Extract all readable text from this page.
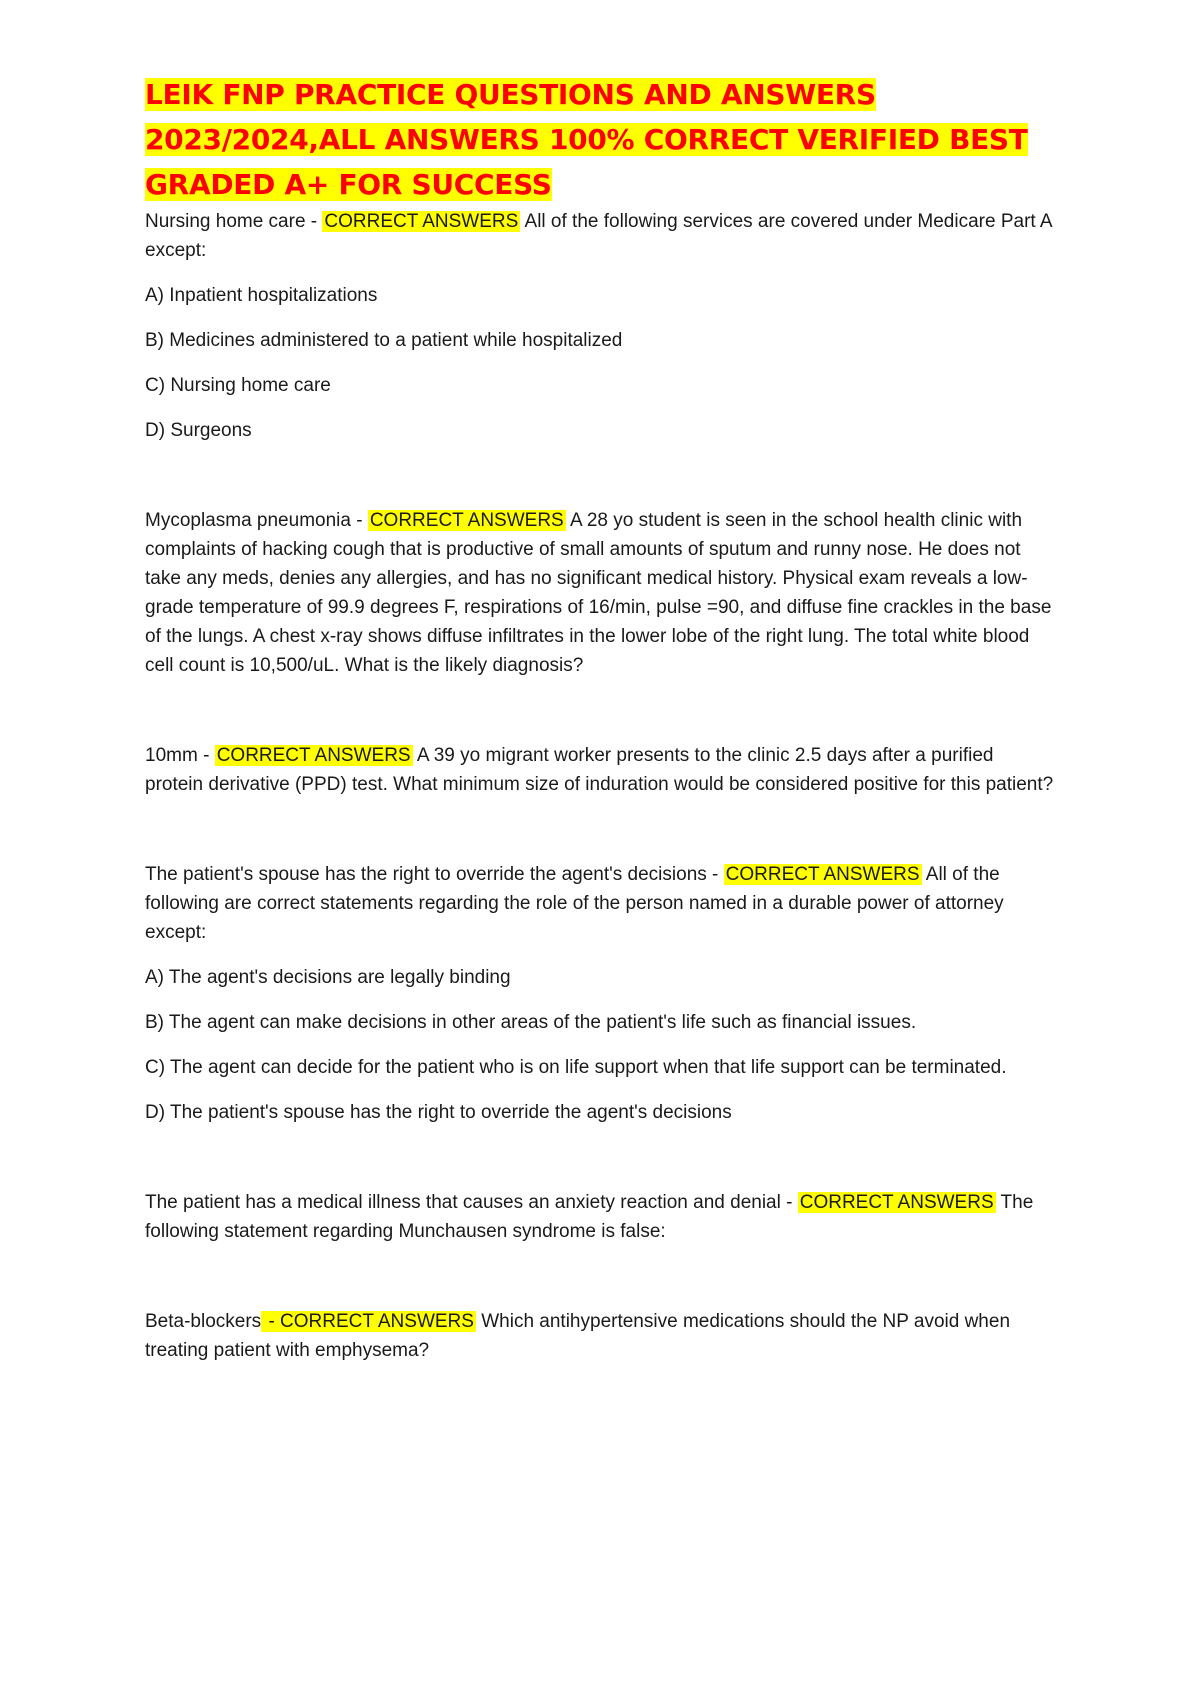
LEIK FNP PRACTICE QUESTIONS AND ANSWERS 2023/2024,ALL ANSWERS 100% CORRECT VERIFIED BEST GRADED A+ FOR SUCCESS

Nursing home care - CORRECT ANSWERS All of the following services are covered under Medicare Part A except:

A) Inpatient hospitalizations

B) Medicines administered to a patient while hospitalized

C) Nursing home care

D) Surgeons

Mycoplasma pneumonia - CORRECT ANSWERS A 28 yo student is seen in the school health clinic with complaints of hacking cough that is productive of small amounts of sputum and runny nose. He does not take any meds, denies any allergies, and has no significant medical history. Physical exam reveals a low-grade temperature of 99.9 degrees F, respirations of 16/min, pulse =90, and diffuse fine crackles in the base of the lungs. A chest x-ray shows diffuse infiltrates in the lower lobe of the right lung. The total white blood cell count is 10,500/uL. What is the likely diagnosis?

10mm - CORRECT ANSWERS A 39 yo migrant worker presents to the clinic 2.5 days after a purified protein derivative (PPD) test. What minimum size of induration would be considered positive for this patient?

The patient's spouse has the right to override the agent's decisions - CORRECT ANSWERS All of the following are correct statements regarding the role of the person named in a durable power of attorney except:

A) The agent's decisions are legally binding

B) The agent can make decisions in other areas of the patient's life such as financial issues.

C) The agent can decide for the patient who is on life support when that life support can be terminated.

D) The patient's spouse has the right to override the agent's decisions

The patient has a medical illness that causes an anxiety reaction and denial - CORRECT ANSWERS The following statement regarding Munchausen syndrome is false:

Beta-blockers - CORRECT ANSWERS Which antihypertensive medications should the NP avoid when treating patient with emphysema?
